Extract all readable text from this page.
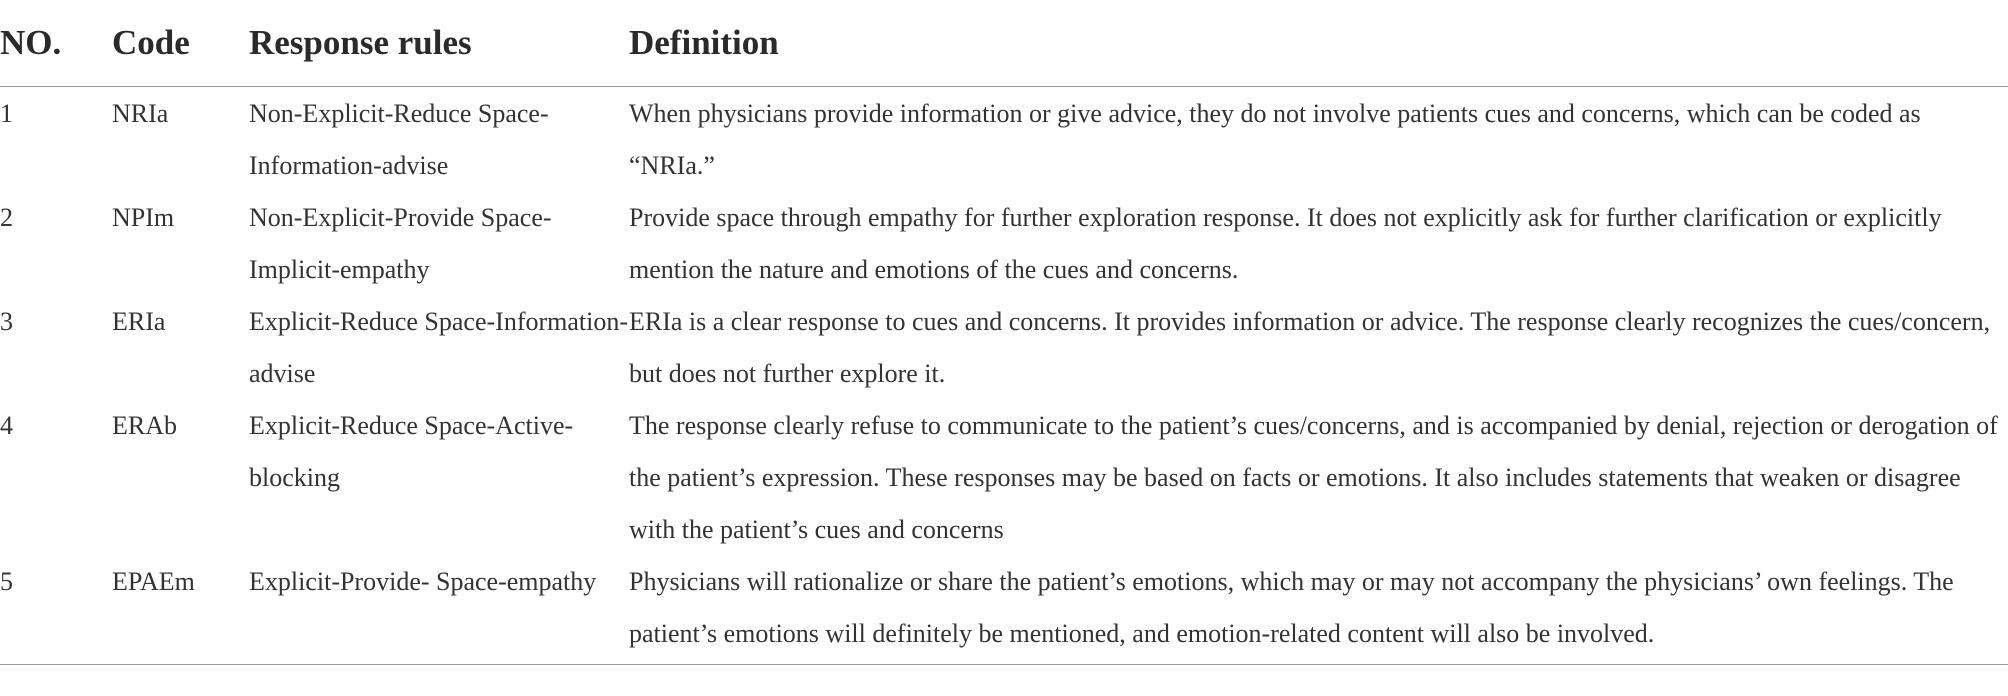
NO.	Code	Response rules	Definition
1	NRIa	Non-Explicit-Reduce Space-Information-advise	When physicians provide information or give advice, they do not involve patients cues and concerns, which can be coded as “NRIa.”
2	NPIm	Non-Explicit-Provide Space-Implicit-empathy	Provide space through empathy for further exploration response. It does not explicitly ask for further clarification or explicitly mention the nature and emotions of the cues and concerns.
3	ERIa	Explicit-Reduce Space-Information-advise	ERIa is a clear response to cues and concerns. It provides information or advice. The response clearly recognizes the cues/concern, but does not further explore it.
4	ERAb	Explicit-Reduce Space-Active-blocking	The response clearly refuse to communicate to the patient’s cues/concerns, and is accompanied by denial, rejection or derogation of the patient’s expression. These responses may be based on facts or emotions. It also includes statements that weaken or disagree with the patient’s cues and concerns
5	EPAEm	Explicit-Provide- Space-empathy	Physicians will rationalize or share the patient’s emotions, which may or may not accompany the physicians’ own feelings. The patient’s emotions will definitely be mentioned, and emotion-related content will also be involved.
